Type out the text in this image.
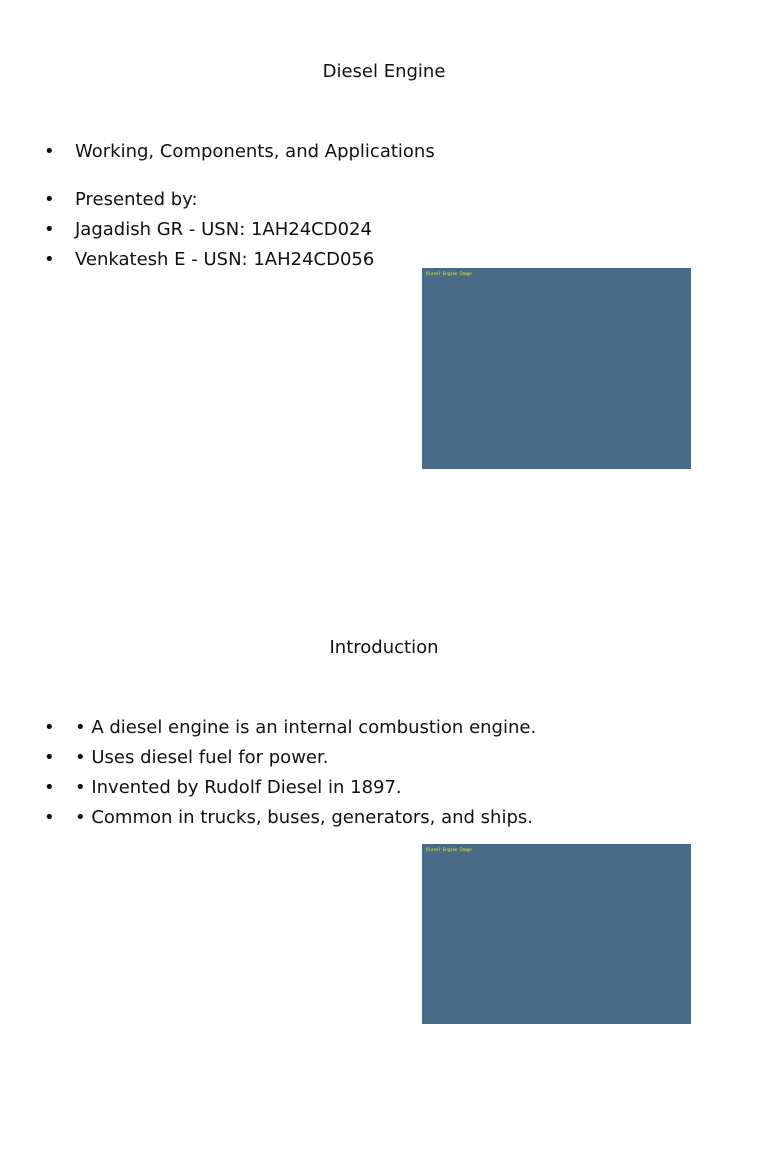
Diesel Engine
• Working, Components, and Applications
• Presented by:
• Jagadish GR - USN: 1AH24CD024
• Venkatesh E - USN: 1AH24CD056
Diesel Engine Image
Introduction
• • A diesel engine is an internal combustion engine.
• • Uses diesel fuel for power.
• • Invented by Rudolf Diesel in 1897.
• • Common in trucks, buses, generators, and ships.
Diesel Engine Image
